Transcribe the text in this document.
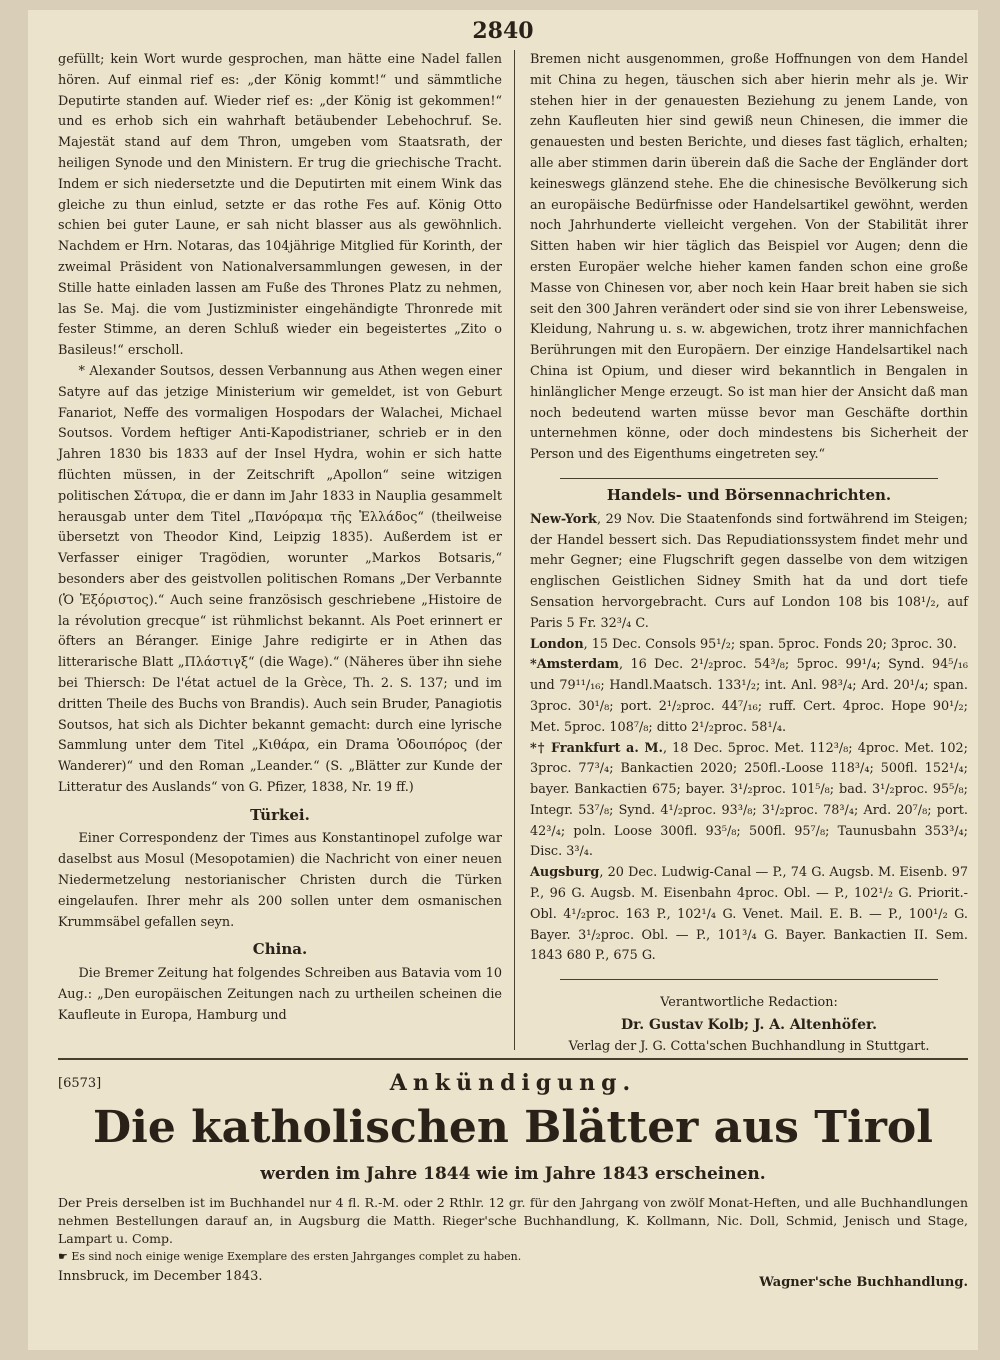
2840

gefüllt; kein Wort wurde gesprochen, man hätte eine Nadel fallen hören. Auf einmal rief es: „der König kommt!“ und sämmtliche Deputirte standen auf. Wieder rief es: „der König ist gekommen!“ und es erhob sich ein wahrhaft betäubender Lebehochruf. Se. Majestät stand auf dem Thron, umgeben vom Staatsrath, der heiligen Synode und den Ministern. Er trug die griechische Tracht. Indem er sich niedersetzte und die Deputirten mit einem Wink das gleiche zu thun einlud, setzte er das rothe Fes auf. König Otto schien bei guter Laune, er sah nicht blasser aus als gewöhnlich. Nachdem er Hrn. Notaras, das 104jährige Mitglied für Korinth, der zweimal Präsident von Nationalversammlungen gewesen, in der Stille hatte einladen lassen am Fuße des Thrones Platz zu nehmen, las Se. Maj. die vom Justizminister eingehändigte Thronrede mit fester Stimme, an deren Schluß wieder ein begeistertes „Zito o Basileus!“ erscholl.

* Alexander Soutsos, dessen Verbannung aus Athen wegen einer Satyre auf das jetzige Ministerium wir gemeldet, ist von Geburt Fanariot, Neffe des vormaligen Hospodars der Walachei, Michael Soutsos. Vordem heftiger Anti-Kapodistrianer, schrieb er in den Jahren 1830 bis 1833 auf der Insel Hydra, wohin er sich hatte flüchten müssen, in der Zeitschrift „Apollon“ seine witzigen politischen Σάτυρα, die er dann im Jahr 1833 in Nauplia gesammelt herausgab unter dem Titel „Πανόραμα τῆς Ἑλλάδος“ (theilweise übersetzt von Theodor Kind, Leipzig 1835). Außerdem ist er Verfasser einiger Tragödien, worunter „Markos Botsaris,“ besonders aber des geistvollen politischen Romans „Der Verbannte (Ὁ Ἐξόριστος).“ Auch seine französisch geschriebene „Histoire de la révolution grecque“ ist rühmlichst bekannt. Als Poet erinnert er öfters an Béranger. Einige Jahre redigirte er in Athen das litterarische Blatt „Πλάστιγξ“ (die Wage).“ (Näheres über ihn siehe bei Thiersch: De l'état actuel de la Grèce, Th. 2. S. 137; und im dritten Theile des Buchs von Brandis). Auch sein Bruder, Panagiotis Soutsos, hat sich als Dichter bekannt gemacht: durch eine lyrische Sammlung unter dem Titel „Κιθάρα, ein Drama Ὁδοιπόρος (der Wanderer)“ und den Roman „Leander.“ (S. „Blätter zur Kunde der Litteratur des Auslands“ von G. Pfizer, 1838, Nr. 19 ff.)

Türkei.

Einer Correspondenz der Times aus Konstantinopel zufolge war daselbst aus Mosul (Mesopotamien) die Nachricht von einer neuen Niedermetzelung nestorianischer Christen durch die Türken eingelaufen. Ihrer mehr als 200 sollen unter dem osmanischen Krummsäbel gefallen seyn.

China.

Die Bremer Zeitung hat folgendes Schreiben aus Batavia vom 10 Aug.: „Den europäischen Zeitungen nach zu urtheilen scheinen die Kaufleute in Europa, Hamburg und

Bremen nicht ausgenommen, große Hoffnungen von dem Handel mit China zu hegen, täuschen sich aber hierin mehr als je. Wir stehen hier in der genauesten Beziehung zu jenem Lande, von zehn Kaufleuten hier sind gewiß neun Chinesen, die immer die genauesten und besten Berichte, und dieses fast täglich, erhalten; alle aber stimmen darin überein daß die Sache der Engländer dort keineswegs glänzend stehe. Ehe die chinesische Bevölkerung sich an europäische Bedürfnisse oder Handelsartikel gewöhnt, werden noch Jahrhunderte vielleicht vergehen. Von der Stabilität ihrer Sitten haben wir hier täglich das Beispiel vor Augen; denn die ersten Europäer welche hieher kamen fanden schon eine große Masse von Chinesen vor, aber noch kein Haar breit haben sie sich seit den 300 Jahren verändert oder sind sie von ihrer Lebensweise, Kleidung, Nahrung u. s. w. abgewichen, trotz ihrer mannichfachen Berührungen mit den Europäern. Der einzige Handelsartikel nach China ist Opium, und dieser wird bekanntlich in Bengalen in hinlänglicher Menge erzeugt. So ist man hier der Ansicht daß man noch bedeutend warten müsse bevor man Geschäfte dorthin unternehmen könne, oder doch mindestens bis Sicherheit der Person und des Eigenthums eingetreten sey.“

Handels- und Börsennachrichten.

New-York, 29 Nov. Die Staatenfonds sind fortwährend im Steigen; der Handel bessert sich. Das Repudiationssystem findet mehr und mehr Gegner; eine Flugschrift gegen dasselbe von dem witzigen englischen Geistlichen Sidney Smith hat da und dort tiefe Sensation hervorgebracht. Curs auf London 108 bis 108¹/₂, auf Paris 5 Fr. 32³/₄ C.

London, 15 Dec. Consols 95¹/₂; span. 5proc. Fonds 20; 3proc. 30.

*Amsterdam, 16 Dec. 2¹/₂proc. 54³/₈; 5proc. 99¹/₄; Synd. 94⁵/₁₆ und 79¹¹/₁₆; Handl.Maatsch. 133¹/₂; int. Anl. 98³/₄; Ard. 20¹/₄; span. 3proc. 30¹/₈; port. 2¹/₂proc. 44⁷/₁₆; ruff. Cert. 4proc. Hope 90¹/₂; Met. 5proc. 108⁷/₈; ditto 2¹/₂proc. 58¹/₄.

*† Frankfurt a. M., 18 Dec. 5proc. Met. 112³/₈; 4proc. Met. 102; 3proc. 77³/₄; Bankactien 2020; 250fl.-Loose 118³/₄; 500fl. 152¹/₄; bayer. Bankactien 675; bayer. 3¹/₂proc. 101⁵/₈; bad. 3¹/₂proc. 95⁵/₈; Integr. 53⁷/₈; Synd. 4¹/₂proc. 93³/₈; 3¹/₂proc. 78³/₄; Ard. 20⁷/₈; port. 42³/₄; poln. Loose 300fl. 93⁵/₈; 500fl. 95⁷/₈; Taunusbahn 353³/₄; Disc. 3³/₄.

Augsburg, 20 Dec. Ludwig-Canal — P., 74 G. Augsb. M. Eisenb. 97 P., 96 G. Augsb. M. Eisenbahn 4proc. Obl. — P., 102¹/₂ G. Priorit.-Obl. 4¹/₂proc. 163 P., 102¹/₄ G. Venet. Mail. E. B. — P., 100¹/₂ G. Bayer. 3¹/₂proc. Obl. — P., 101³/₄ G. Bayer. Bankactien II. Sem. 1843 680 P., 675 G.

Verantwortliche Redaction:
Dr. Gustav Kolb; J. A. Altenhöfer.
Verlag der J. G. Cotta'schen Buchhandlung in Stuttgart.
[6573]	Ankündigung.
Die katholischen Blätter aus Tirol
werden im Jahre 1844 wie im Jahre 1843 erscheinen.
Der Preis derselben ist im Buchhandel nur 4 fl. R.-M. oder 2 Rthlr. 12 gr. für den Jahrgang von zwölf Monat-Heften, und alle Buchhandlungen nehmen Bestellungen darauf an, in Augsburg die Matth. Rieger'sche Buchhandlung, K. Kollmann, Nic. Doll, Schmid, Jenisch und Stage, Lampart u. Comp.
☛ Es sind noch einige wenige Exemplare des ersten Jahrganges complet zu haben.
Innsbruck, im December 1843.	Wagner'sche Buchhandlung.
